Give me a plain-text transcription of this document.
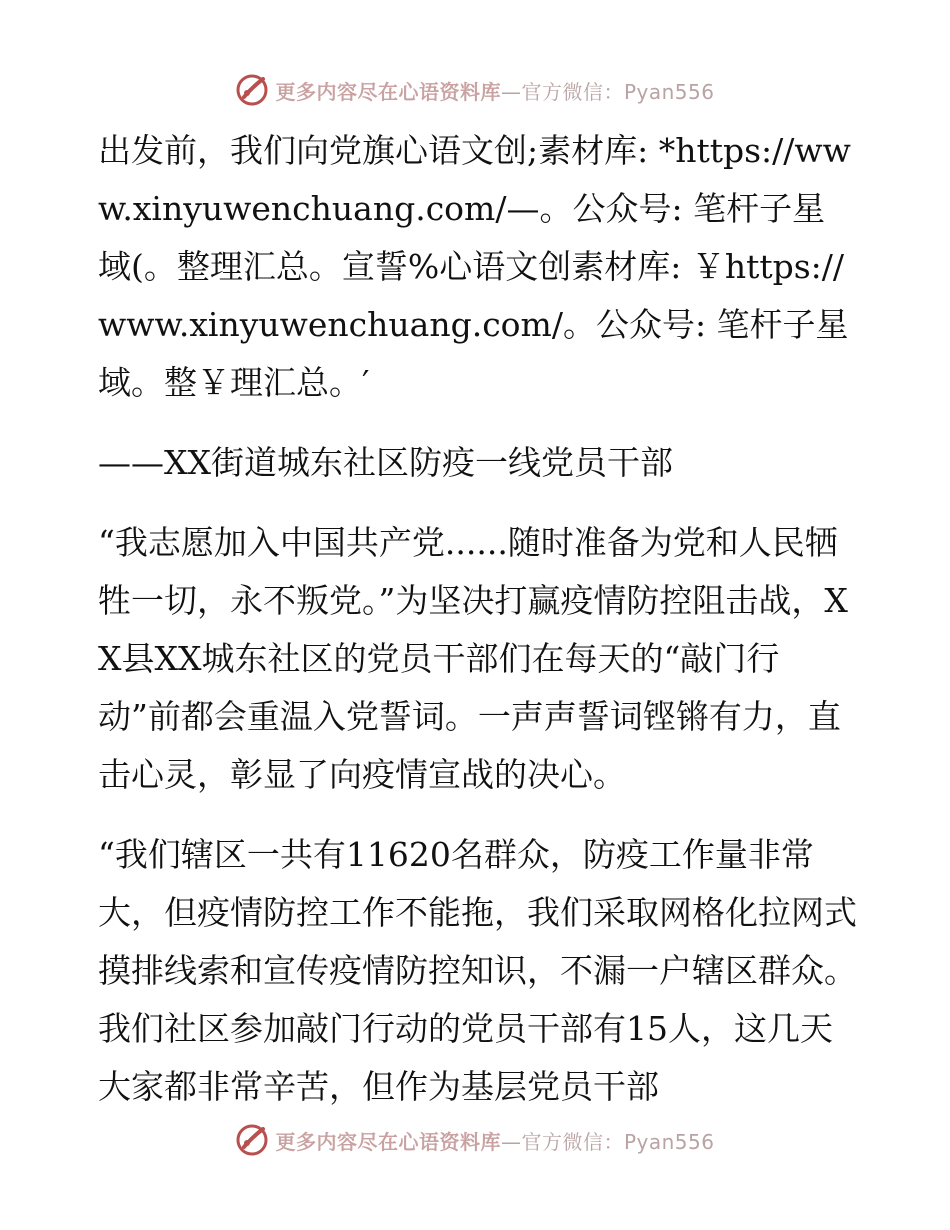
更多内容尽在心语资料库—官方微信：Pyan556

出发前，我们向党旗心语文创;素材库: *https://www.xinyuwenchuang.com/—。公众号: 笔杆子星域(。整理汇总。宣誓%心语文创素材库: ￥https://www.xinyuwenchuang.com/。公众号: 笔杆子星域。整￥理汇总。′

——XX街道城东社区防疫一线党员干部

“我志愿加入中国共产党......随时准备为党和人民牺牲一切，永不叛党。”为坚决打赢疫情防控阻击战，XX县XX城东社区的党员干部们在每天的“敲门行动”前都会重温入党誓词。一声声誓词铿锵有力，直击心灵，彰显了向疫情宣战的决心。

“我们辖区一共有11620名群众，防疫工作量非常大，但疫情防控工作不能拖，我们采取网格化拉网式摸排线索和宣传疫情防控知识，不漏一户辖区群众。我们社区参加敲门行动的党员干部有15人，这几天大家都非常辛苦，但作为基层党员干部

更多内容尽在心语资料库—官方微信：Pyan556
